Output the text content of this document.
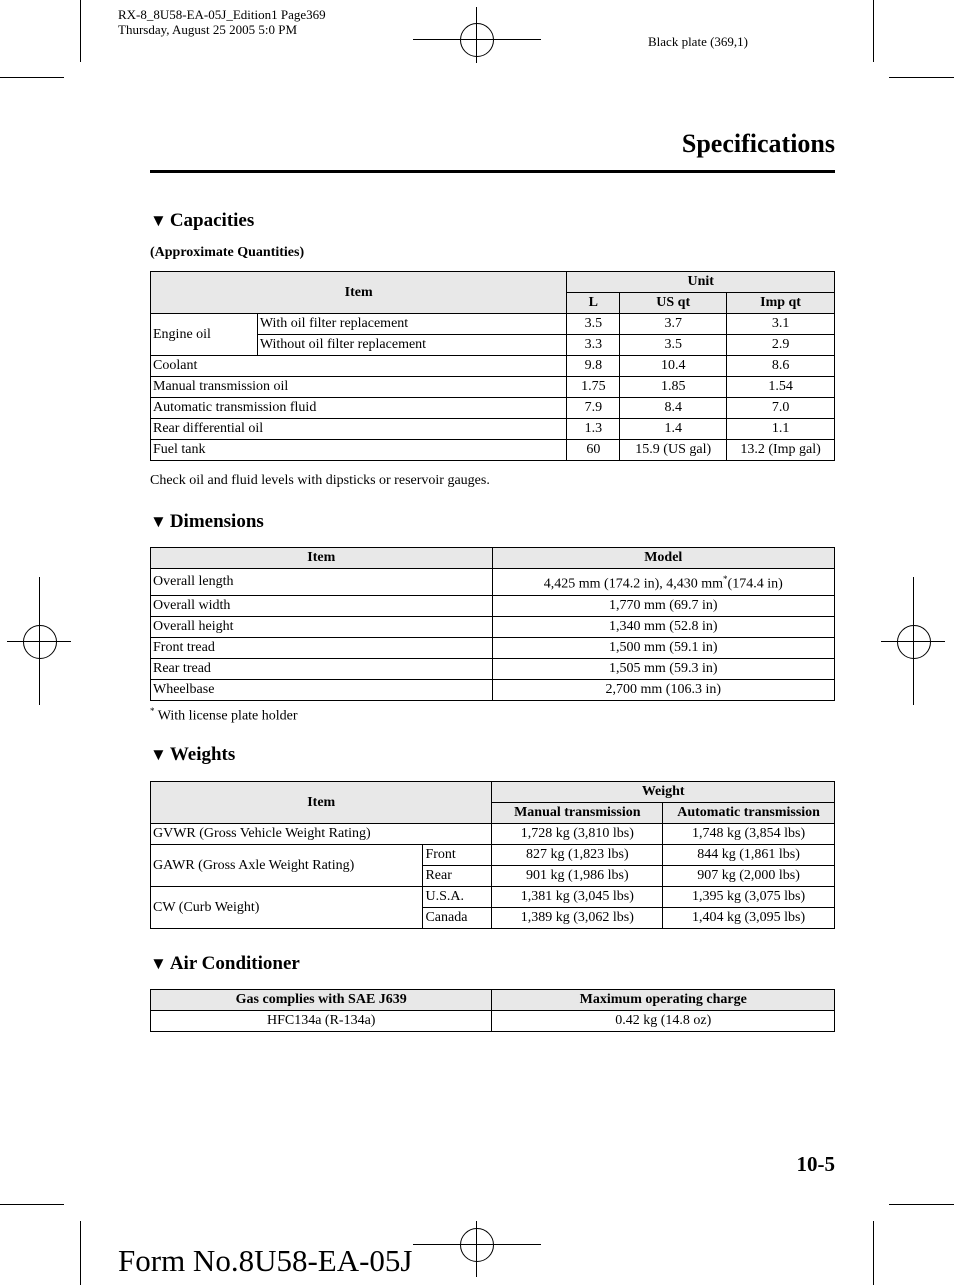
RX-8_8U58-EA-05J_Edition1 Page369
Thursday, August 25 2005 5:0 PM
Black plate (369,1)
Specifications
▼ Capacities
(Approximate Quantities)
Item		Unit		
		L	US qt	Imp qt
Engine oil	With oil filter replacement	3.5	3.7	3.1
	Without oil filter replacement	3.3	3.5	2.9
Coolant		9.8	10.4	8.6
Manual transmission oil		1.75	1.85	1.54
Automatic transmission fluid		7.9	8.4	7.0
Rear differential oil		1.3	1.4	1.1
Fuel tank		60	15.9 (US gal)	13.2 (Imp gal)
Check oil and fluid levels with dipsticks or reservoir gauges.
▼ Dimensions
Item	Model
Overall length	4,425 mm (174.2 in), 4,430 mm*(174.4 in)
Overall width	1,770 mm (69.7 in)
Overall height	1,340 mm (52.8 in)
Front tread	1,500 mm (59.1 in)
Rear tread	1,505 mm (59.3 in)
Wheelbase	2,700 mm (106.3 in)
* With license plate holder
▼ Weights
Item		Weight	
		Manual transmission	Automatic transmission
GVWR (Gross Vehicle Weight Rating)		1,728 kg (3,810 lbs)	1,748 kg (3,854 lbs)
GAWR (Gross Axle Weight Rating)	Front	827 kg (1,823 lbs)	844 kg (1,861 lbs)
	Rear	901 kg (1,986 lbs)	907 kg (2,000 lbs)
CW (Curb Weight)	U.S.A.	1,381 kg (3,045 lbs)	1,395 kg (3,075 lbs)
	Canada	1,389 kg (3,062 lbs)	1,404 kg (3,095 lbs)
▼ Air Conditioner
Gas complies with SAE J639	Maximum operating charge
HFC134a (R-134a)	0.42 kg (14.8 oz)
10-5
Form No.8U58-EA-05J
